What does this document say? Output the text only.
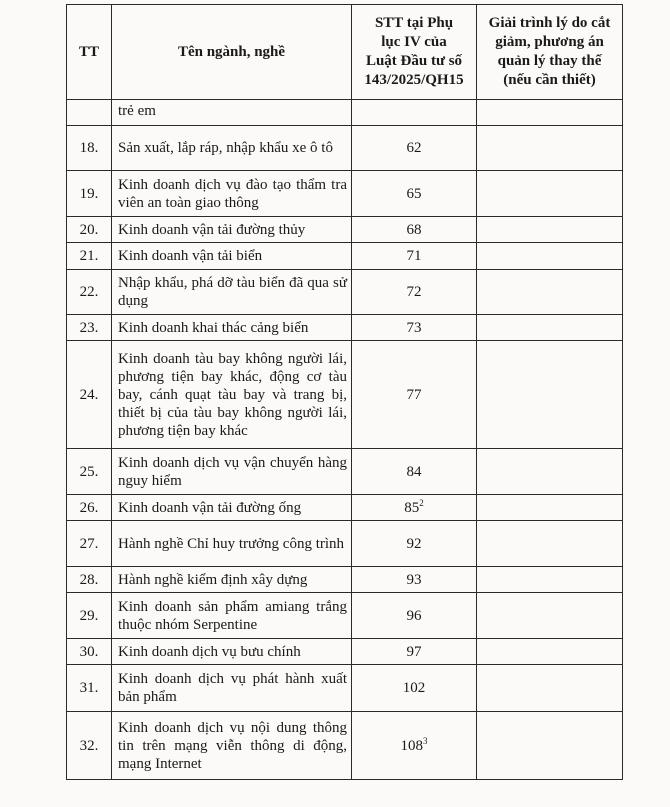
TT	Tên ngành, nghề	STT tại Phụ lục IV của Luật Đầu tư số 143/2025/QH15	Giải trình lý do cắt giảm, phương án quản lý thay thế (nếu cần thiết)
	trẻ em		
18.	Sản xuất, lắp ráp, nhập khẩu xe ô tô	62	
19.	Kinh doanh dịch vụ đào tạo thẩm tra viên an toàn giao thông	65	
20.	Kinh doanh vận tải đường thủy	68	
21.	Kinh doanh vận tải biển	71	
22.	Nhập khẩu, phá dỡ tàu biển đã qua sử dụng	72	
23.	Kinh doanh khai thác cảng biển	73	
24.	Kinh doanh tàu bay không người lái, phương tiện bay khác, động cơ tàu bay, cánh quạt tàu bay và trang bị, thiết bị của tàu bay không người lái, phương tiện bay khác	77	
25.	Kinh doanh dịch vụ vận chuyển hàng nguy hiểm	84	
26.	Kinh doanh vận tải đường ống	$85^2$	
27.	Hành nghề Chỉ huy trưởng công trình	92	
28.	Hành nghề kiểm định xây dựng	93	
29.	Kinh doanh sản phẩm amiang trắng thuộc nhóm Serpentine	96	
30.	Kinh doanh dịch vụ bưu chính	97	
31.	Kinh doanh dịch vụ phát hành xuất bản phẩm	102	
32.	Kinh doanh dịch vụ nội dung thông tin trên mạng viễn thông di động, mạng Internet	$108^3$	
